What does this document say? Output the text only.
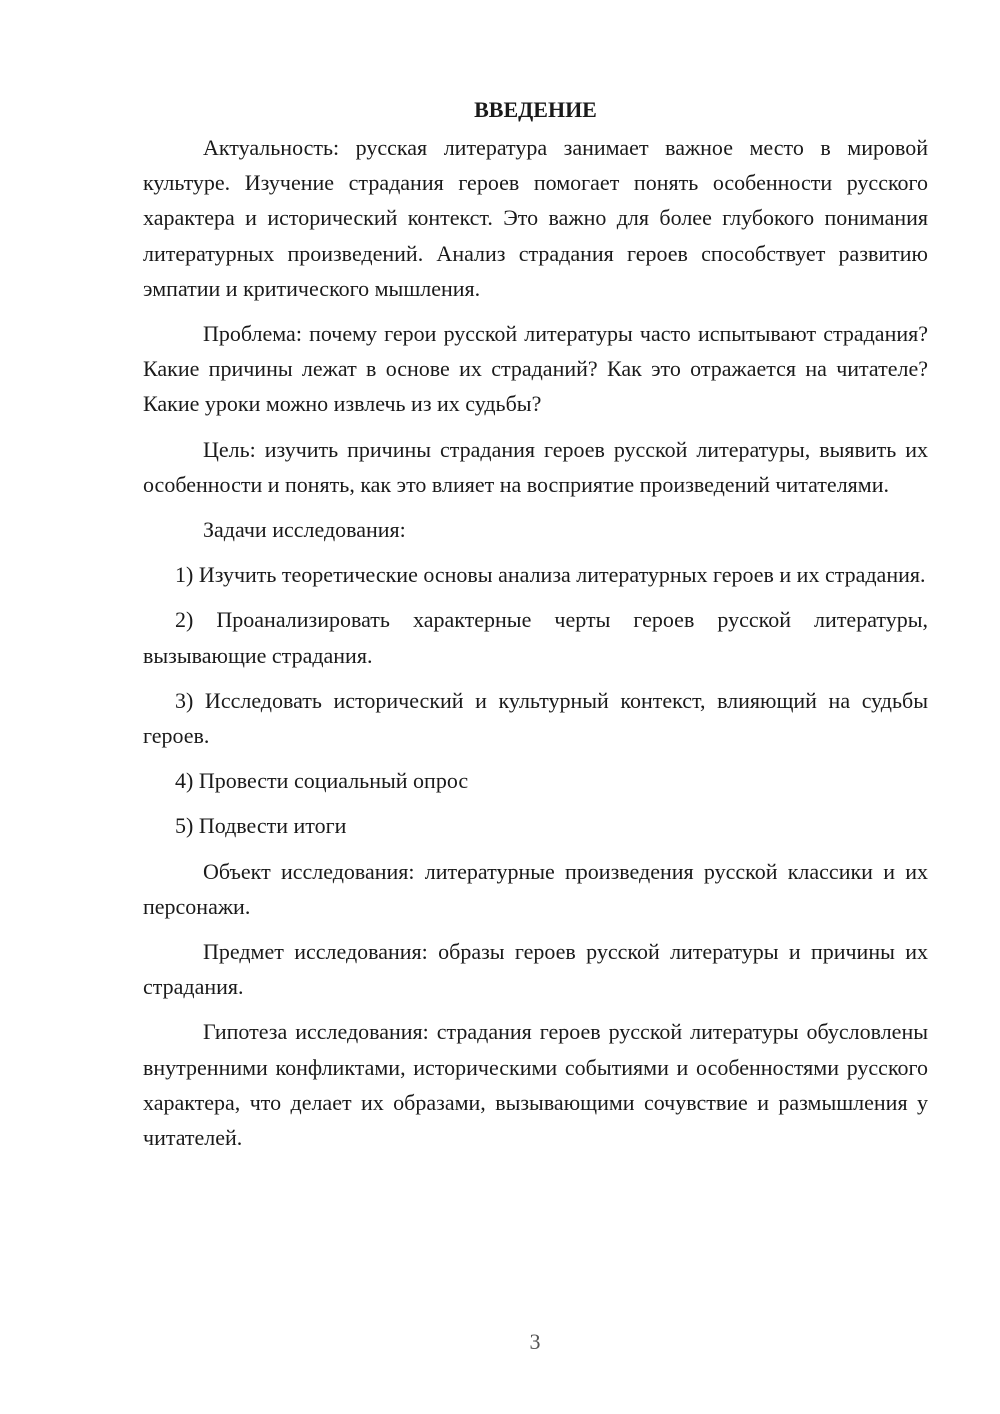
ВВЕДЕНИЕ

Актуальность: русская литература занимает важное место в мировой культуре. Изучение страдания героев помогает понять особенности русского характера и исторический контекст. Это важно для более глубокого понимания литературных произведений. Анализ страдания героев способствует развитию эмпатии и критического мышления.

Проблема: почему герои русской литературы часто испытывают страдания? Какие причины лежат в основе их страданий? Как это отражается на читателе? Какие уроки можно извлечь из их судьбы?

Цель: изучить причины страдания героев русской литературы, выявить их особенности и понять, как это влияет на восприятие произведений читателями.

Задачи исследования:

1) Изучить теоретические основы анализа литературных героев и их страдания.

2) Проанализировать характерные черты героев русской литературы, вызывающие страдания.

3) Исследовать исторический и культурный контекст, влияющий на судьбы героев.

4) Провести социальный опрос

5) Подвести итоги

Объект исследования: литературные произведения русской классики и их персонажи.

Предмет исследования: образы героев русской литературы и причины их страдания.

Гипотеза исследования: страдания героев русской литературы обусловлены внутренними конфликтами, историческими событиями и особенностями русского характера, что делает их образами, вызывающими сочувствие и размышления у читателей.

3
